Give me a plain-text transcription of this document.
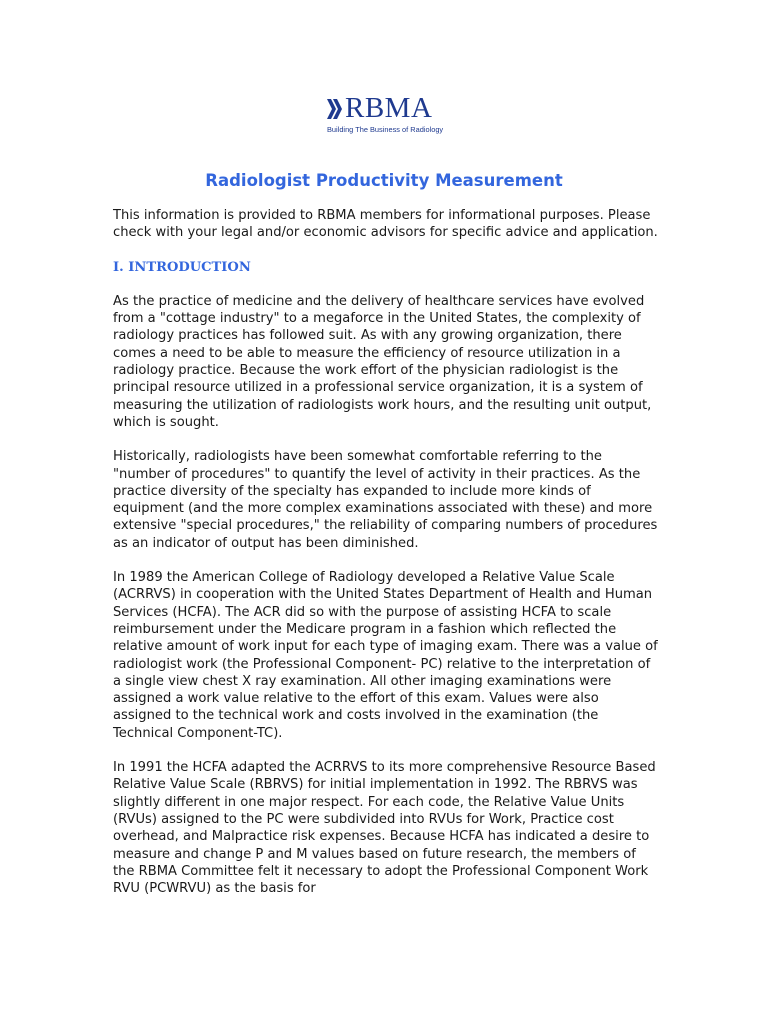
RBMA
Building The Business of Radiology
Radiologist Productivity Measurement

This information is provided to RBMA members for informational purposes. Please check with your legal and/or economic advisors for specific advice and application.

I. INTRODUCTION

As the practice of medicine and the delivery of healthcare services have evolved from a "cottage industry" to a megaforce in the United States, the complexity of radiology practices has followed suit. As with any growing organization, there comes a need to be able to measure the efficiency of resource utilization in a radiology practice. Because the work effort of the physician radiologist is the principal resource utilized in a professional service organization, it is a system of measuring the utilization of radiologists work hours, and the resulting unit output, which is sought.

Historically, radiologists have been somewhat comfortable referring to the "number of procedures" to quantify the level of activity in their practices. As the practice diversity of the specialty has expanded to include more kinds of equipment (and the more complex examinations associated with these) and more extensive "special procedures," the reliability of comparing numbers of procedures as an indicator of output has been diminished.

In 1989 the American College of Radiology developed a Relative Value Scale (ACRRVS) in cooperation with the United States Department of Health and Human Services (HCFA). The ACR did so with the purpose of assisting HCFA to scale reimbursement under the Medicare program in a fashion which reflected the relative amount of work input for each type of imaging exam. There was a value of radiologist work (the Professional Component- PC) relative to the interpretation of a single view chest X ray examination. All other imaging examinations were assigned a work value relative to the effort of this exam. Values were also assigned to the technical work and costs involved in the examination (the Technical Component-TC).

In 1991 the HCFA adapted the ACRRVS to its more comprehensive Resource Based Relative Value Scale (RBRVS) for initial implementation in 1992. The RBRVS was slightly different in one major respect. For each code, the Relative Value Units (RVUs) assigned to the PC were subdivided into RVUs for Work, Practice cost overhead, and Malpractice risk expenses. Because HCFA has indicated a desire to measure and change P and M values based on future research, the members of the RBMA Committee felt it necessary to adopt the Professional Component Work RVU (PCWRVU) as the basis for
